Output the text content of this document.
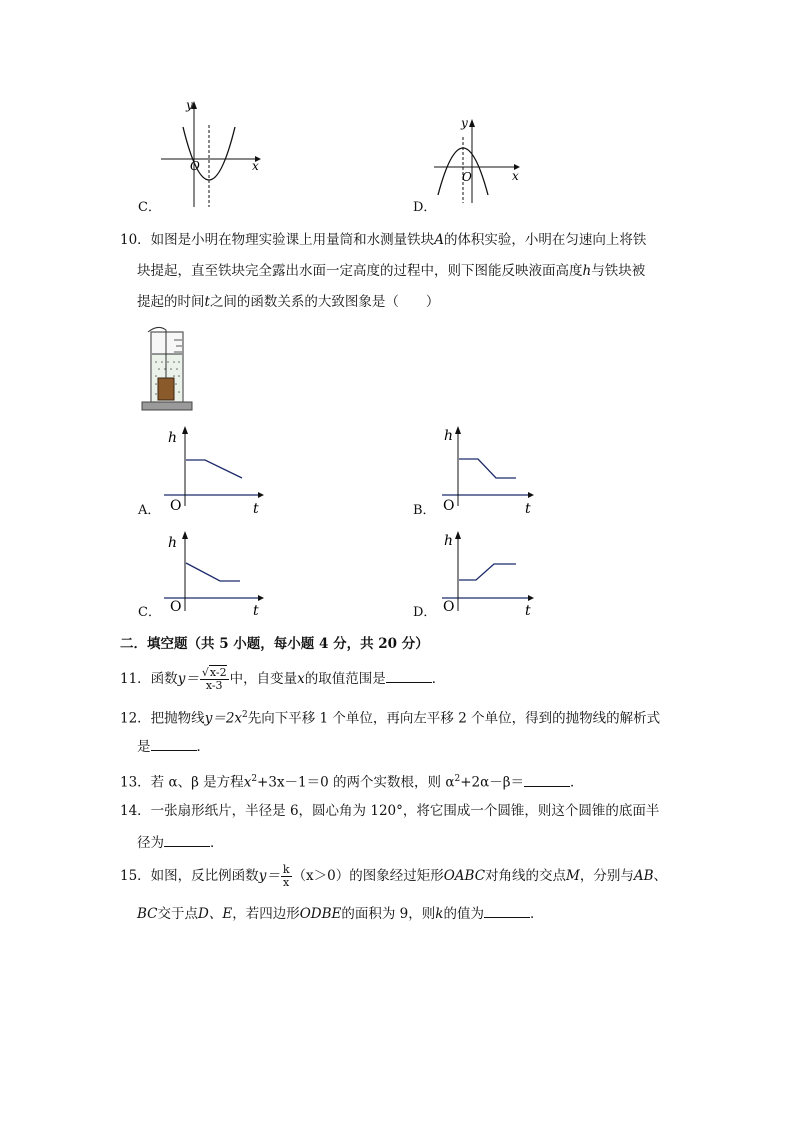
x
y
O
C．
x
y
O
D．
10．如图是小明在物理实验课上用量筒和水测量铁块A的体积实验，小明在匀速向上将铁
块提起，直至铁块完全露出水面一定高度的过程中，则下图能反映液面高度h与铁块被
提起的时间t之间的函数关系的大致图象是（　　）
h
t
O
A．
h
t
O
B．
h
t
O
C．
h
t
O
D．
二．填空题（共 5 小题，每小题 4 分，共 20 分）
11．函数$y= \frac{√x-2}{x-3}$ 中，自变量x的取值范围是	．
12．把抛物线$y=2x^2$先向下平移 1 个单位，再向左平移 2 个单位，得到的抛物线的解析式
是	．
13．若 α、β 是方程$x^2+3x-1=0$ 的两个实数根，则 $\alpha^2+2\alpha-\beta=$	．
14．一张扇形纸片，半径是 6，圆心角为 120°，将它围成一个圆锥，则这个圆锥的底面半
径为	．
15．如图，反比例函数$y= \frac{k}{x} (x>0)$的图象经过矩形OABC对角线的交点M，分别与AB、
BC交于点D、E，若四边形ODBE的面积为 9，则k的值为	．
